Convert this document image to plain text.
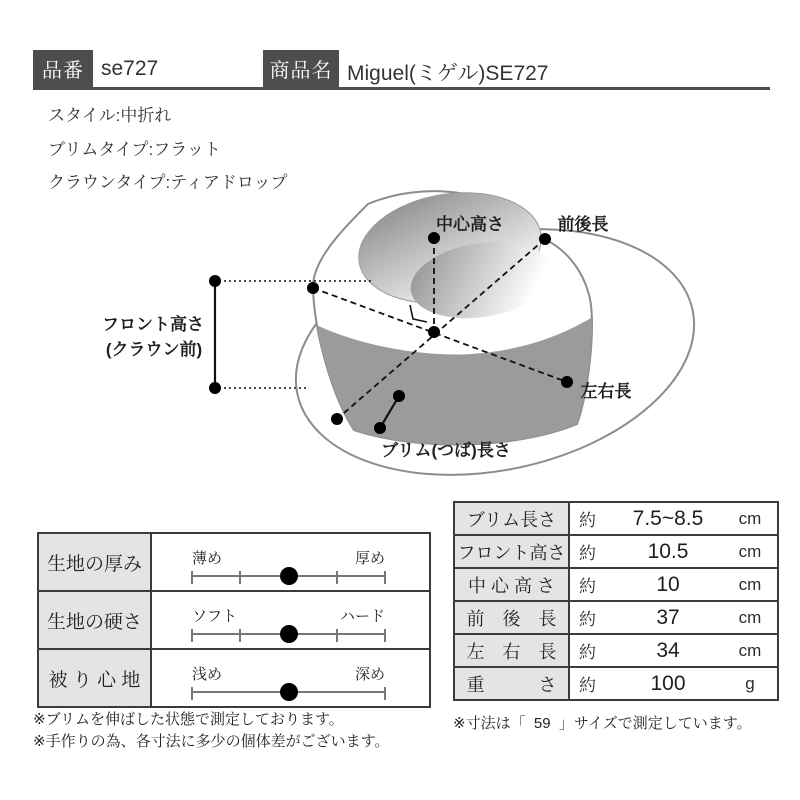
品番 se727	商品名 Miguel(ミゲル)SE727
スタイル:中折れ
ブリムタイプ:フラット
クラウンタイプ:ティアドロップ
中心高さ	前後長
フロント高さ
(クラウン前)
左右長
ブリム(つば)長さ
生地の厚み	薄め	厚め
生地の硬さ	ソフト	ハード
被 り 心 地	浅め	深め
ブリム長さ	約	7.5~8.5	cm
フロント高さ 約	10.5	cm
中 心 高 さ	約	10	cm
前　後　長	約	37	cm
左　右　長	約	34	cm
重　　　さ	約	100	g
※ブリムを伸ばした状態で測定しております。
※手作りの為、各寸法に多少の個体差がございます。
※寸法は「  59  」サイズで測定しています。
